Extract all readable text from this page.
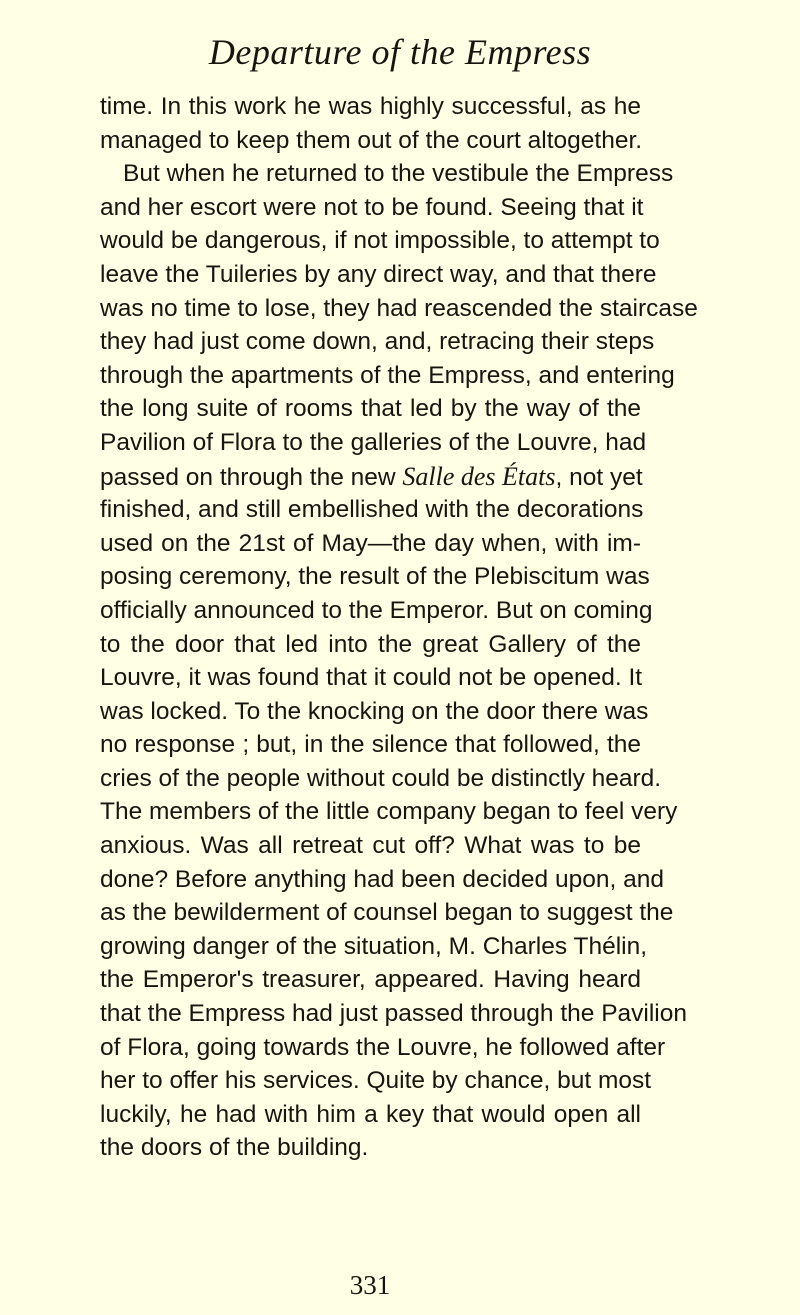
Departure of the Empress
time. In this work he was highly successful, as he
managed to keep them out of the court altogether.
But when he returned to the vestibule the Empress
and her escort were not to be found. Seeing that it
would be dangerous, if not impossible, to attempt to
leave the Tuileries by any direct way, and that there
was no time to lose, they had reascended the staircase
they had just come down, and, retracing their steps
through the apartments of the Empress, and entering
the long suite of rooms that led by the way of the
Pavilion of Flora to the galleries of the Louvre, had
passed on through the new Salle des États, not yet
finished, and still embellished with the decorations
used on the 21st of May—the day when, with im-
posing ceremony, the result of the Plebiscitum was
officially announced to the Emperor. But on coming
to the door that led into the great Gallery of the
Louvre, it was found that it could not be opened. It
was locked. To the knocking on the door there was
no response ; but, in the silence that followed, the
cries of the people without could be distinctly heard.
The members of the little company began to feel very
anxious. Was all retreat cut off? What was to be
done? Before anything had been decided upon, and
as the bewilderment of counsel began to suggest the
growing danger of the situation, M. Charles Thélin,
the Emperor's treasurer, appeared. Having heard
that the Empress had just passed through the Pavilion
of Flora, going towards the Louvre, he followed after
her to offer his services. Quite by chance, but most
luckily, he had with him a key that would open all
the doors of the building.
331
